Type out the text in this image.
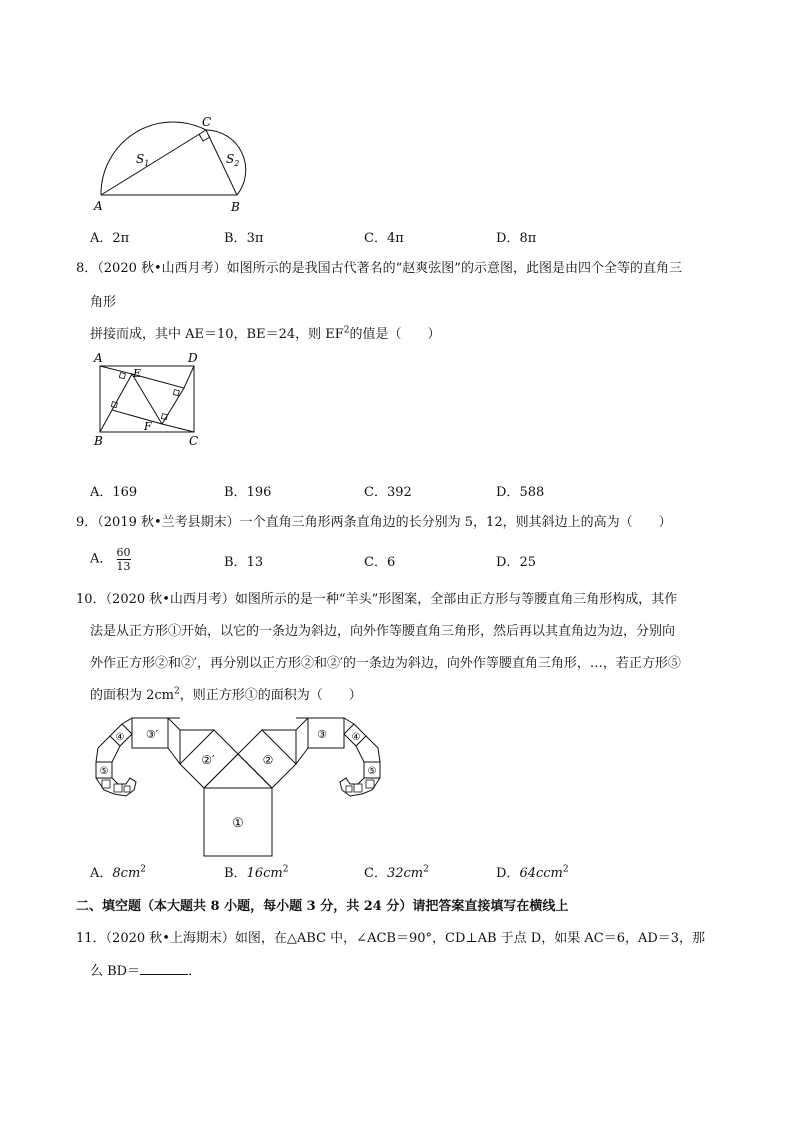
A	B
C
$S_1$	$S_2$
A．2π	B．3π	C．4π	D．8π
8．（2020 秋•山西月考）如图所示的是我国古代著名的“赵爽弦图”的示意图，此图是由四个全等的直角三
角形
拼接而成，其中 AE＝10，BE＝24，则 $EF^2$的值是（　　）
A	D
B	C
E
F
A．169	B．196	C．392	D．588
9．（2019 秋•兰考县期末）一个直角三角形两条直角边的长分别为 5，12，则其斜边上的高为（　　）
A． $\frac{60}{13}$	B．13	C．6	D．25
10．（2020 秋•山西月考）如图所示的是一种“羊头”形图案，全部由正方形与等腰直角三角形构成，其作
法是从正方形①开始，以它的一条边为斜边，向外作等腰直角三角形，然后再以其直角边为边，分别向
外作正方形②和②′，再分别以正方形②和②′的一条边为斜边，向外作等腰直角三角形，…，若正方形⑤
的面积为 $2cm^2$，则正方形①的面积为（　　）
①
②′	②
③′	③
④
⑤
④
⑤
A．$8cm^2$	B．$16cm^2$	C．$32cm^2$	D．64ccm$^2$
二、填空题（本大题共 8 小题，每小题 3 分，共 24 分）请把答案直接填写在横线上
11．（2020 秋•上海期末）如图，在△ABC 中，∠ACB＝90°，CD⊥AB 于点 D，如果 AC＝6，AD＝3，那
么 BD＝	．
